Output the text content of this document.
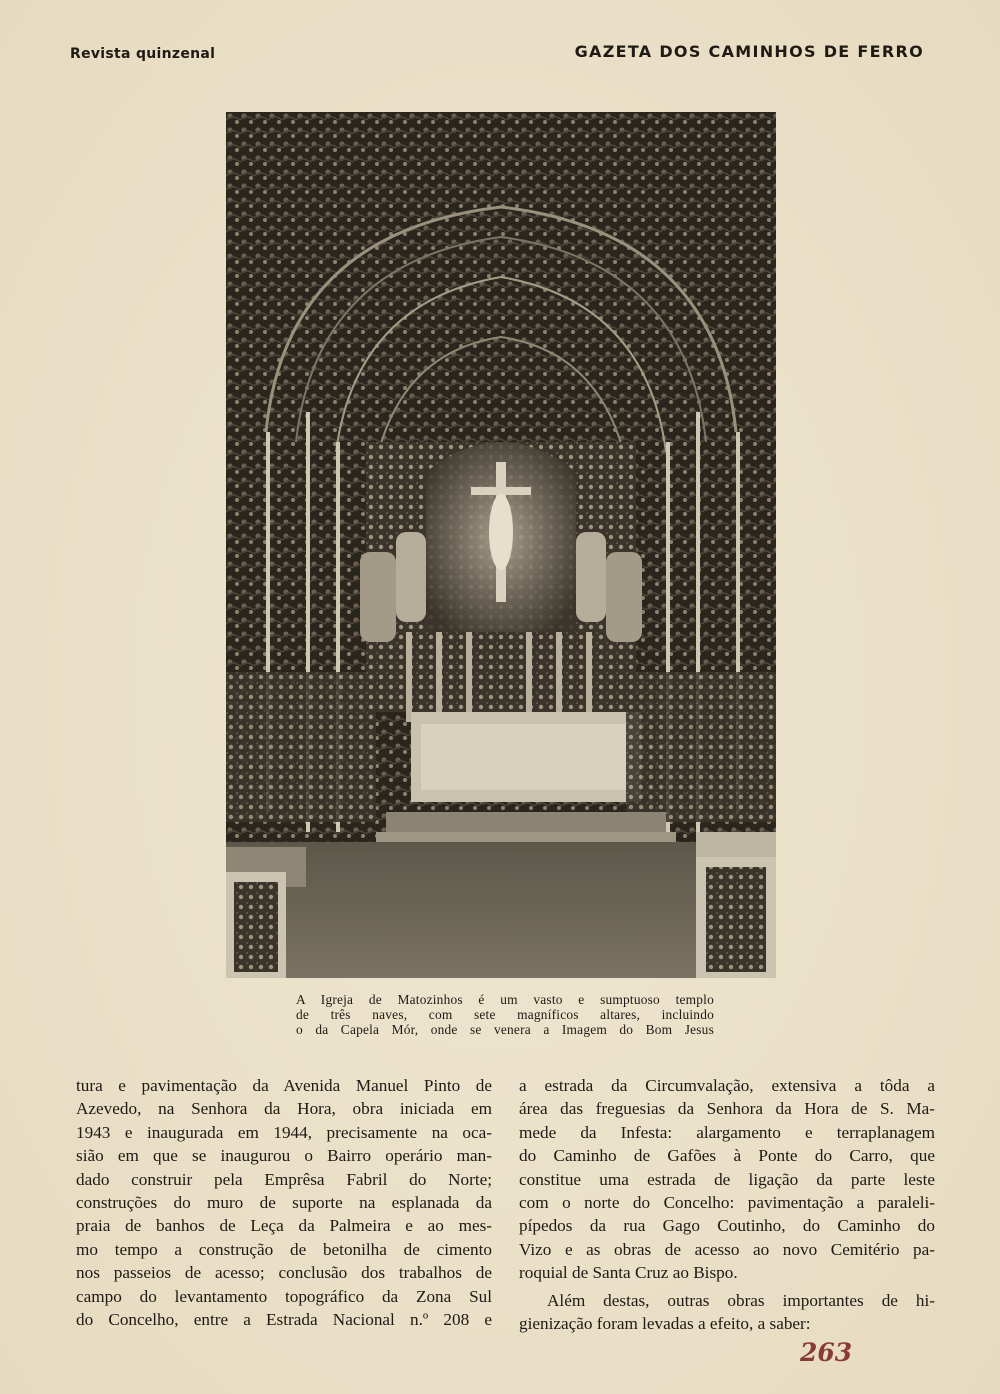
Revista quinzenal	GAZETA DOS CAMINHOS DE FERRO
A Igreja de Matozinhos é um vasto e sumptuoso templo
de três naves, com sete magníficos altares, incluindo
o da Capela Mór, onde se venera a Imagem do Bom Jesus
tura e pavimentação da Avenida Manuel Pinto de
Azevedo, na Senhora da Hora, obra iniciada em
1943 e inaugurada em 1944, precisamente na oca-
sião em que se inaugurou o Bairro operário man-
dado construir pela Emprêsa Fabril do Norte;
construções do muro de suporte na esplanada da
praia de banhos de Leça da Palmeira e ao mes-
mo tempo a construção de betonilha de cimento
nos passeios de acesso; conclusão dos trabalhos de
campo do levantamento topográfico da Zona Sul
do Concelho, entre a Estrada Nacional n.º 208 e
a estrada da Circumvalação, extensiva a tôda a
área das freguesias da Senhora da Hora de S. Ma-
mede da Infesta: alargamento e terraplanagem
do Caminho de Gafões à Ponte do Carro, que
constitue uma estrada de ligação da parte leste
com o norte do Concelho: pavimentação a paraleli-
pípedos da rua Gago Coutinho, do Caminho do
Vizo e as obras de acesso ao novo Cemitério pa-
roquial de Santa Cruz ao Bispo.
Além destas, outras obras importantes de hi-
gienização foram levadas a efeito, a saber:
263
